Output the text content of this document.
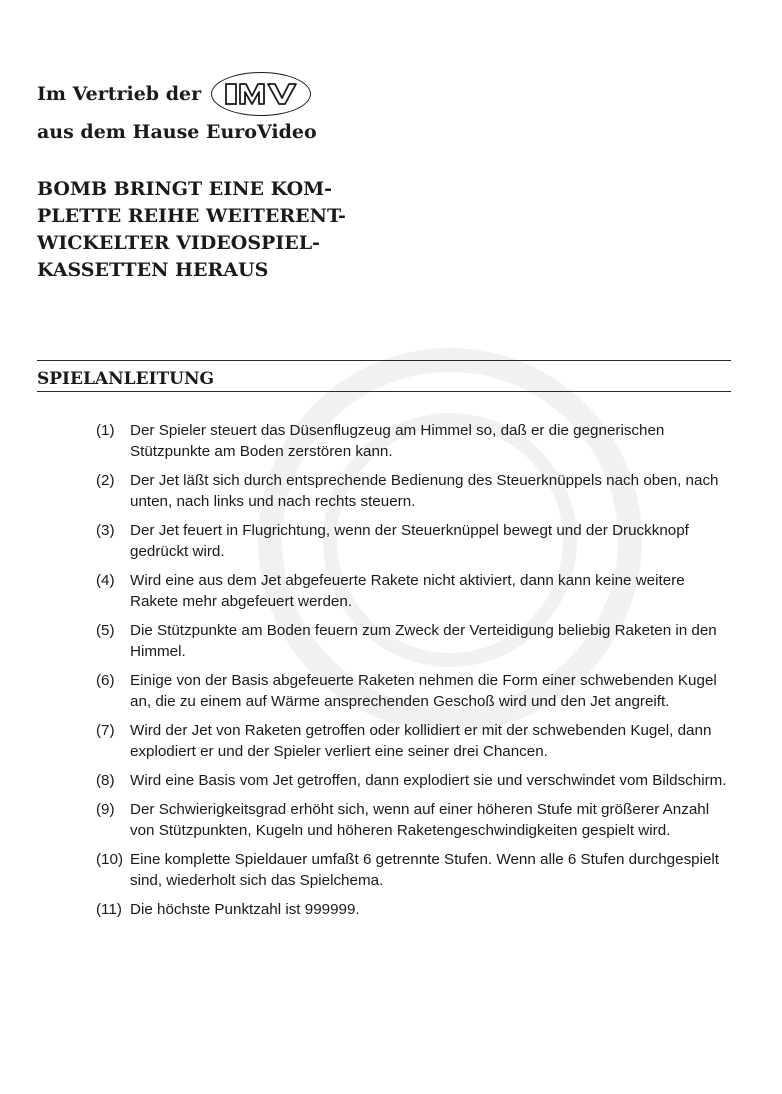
Im Vertrieb der
aus dem Hause EuroVideo
BOMB BRINGT EINE KOM-
PLETTE REIHE WEITERENT-
WICKELTER VIDEOSPIEL-
KASSETTEN HERAUS
SPIELANLEITUNG
(1)	Der Spieler steuert das Düsenflugzeug am Himmel so, daß er die gegnerischen Stützpunkte am Boden zerstören kann.
(2)	Der Jet läßt sich durch entsprechende Bedienung des Steuerknüppels nach oben, nach unten, nach links und nach rechts steuern.
(3)	Der Jet feuert in Flugrichtung, wenn der Steuerknüppel bewegt und der Druckknopf gedrückt wird.
(4)	Wird eine aus dem Jet abgefeuerte Rakete nicht aktiviert, dann kann keine weitere Rakete mehr abgefeuert werden.
(5)	Die Stützpunkte am Boden feuern zum Zweck der Verteidigung beliebig Raketen in den Himmel.
(6)	Einige von der Basis abgefeuerte Raketen nehmen die Form einer schwebenden Kugel an, die zu einem auf Wärme ansprechenden Geschoß wird und den Jet angreift.
(7)	Wird der Jet von Raketen getroffen oder kollidiert er mit der schwebenden Kugel, dann explodiert er und der Spieler verliert eine seiner drei Chancen.
(8)	Wird eine Basis vom Jet getroffen, dann explodiert sie und verschwindet vom Bildschirm.
(9)	Der Schwierigkeitsgrad erhöht sich, wenn auf einer höheren Stufe mit größerer Anzahl von Stützpunkten, Kugeln und höheren Raketengeschwindigkeiten gespielt wird.
(10) Eine komplette Spieldauer umfaßt 6 getrennte Stufen. Wenn alle 6 Stufen durchgespielt sind, wiederholt sich das Spielchema.
(11) Die höchste Punktzahl ist 999999.
